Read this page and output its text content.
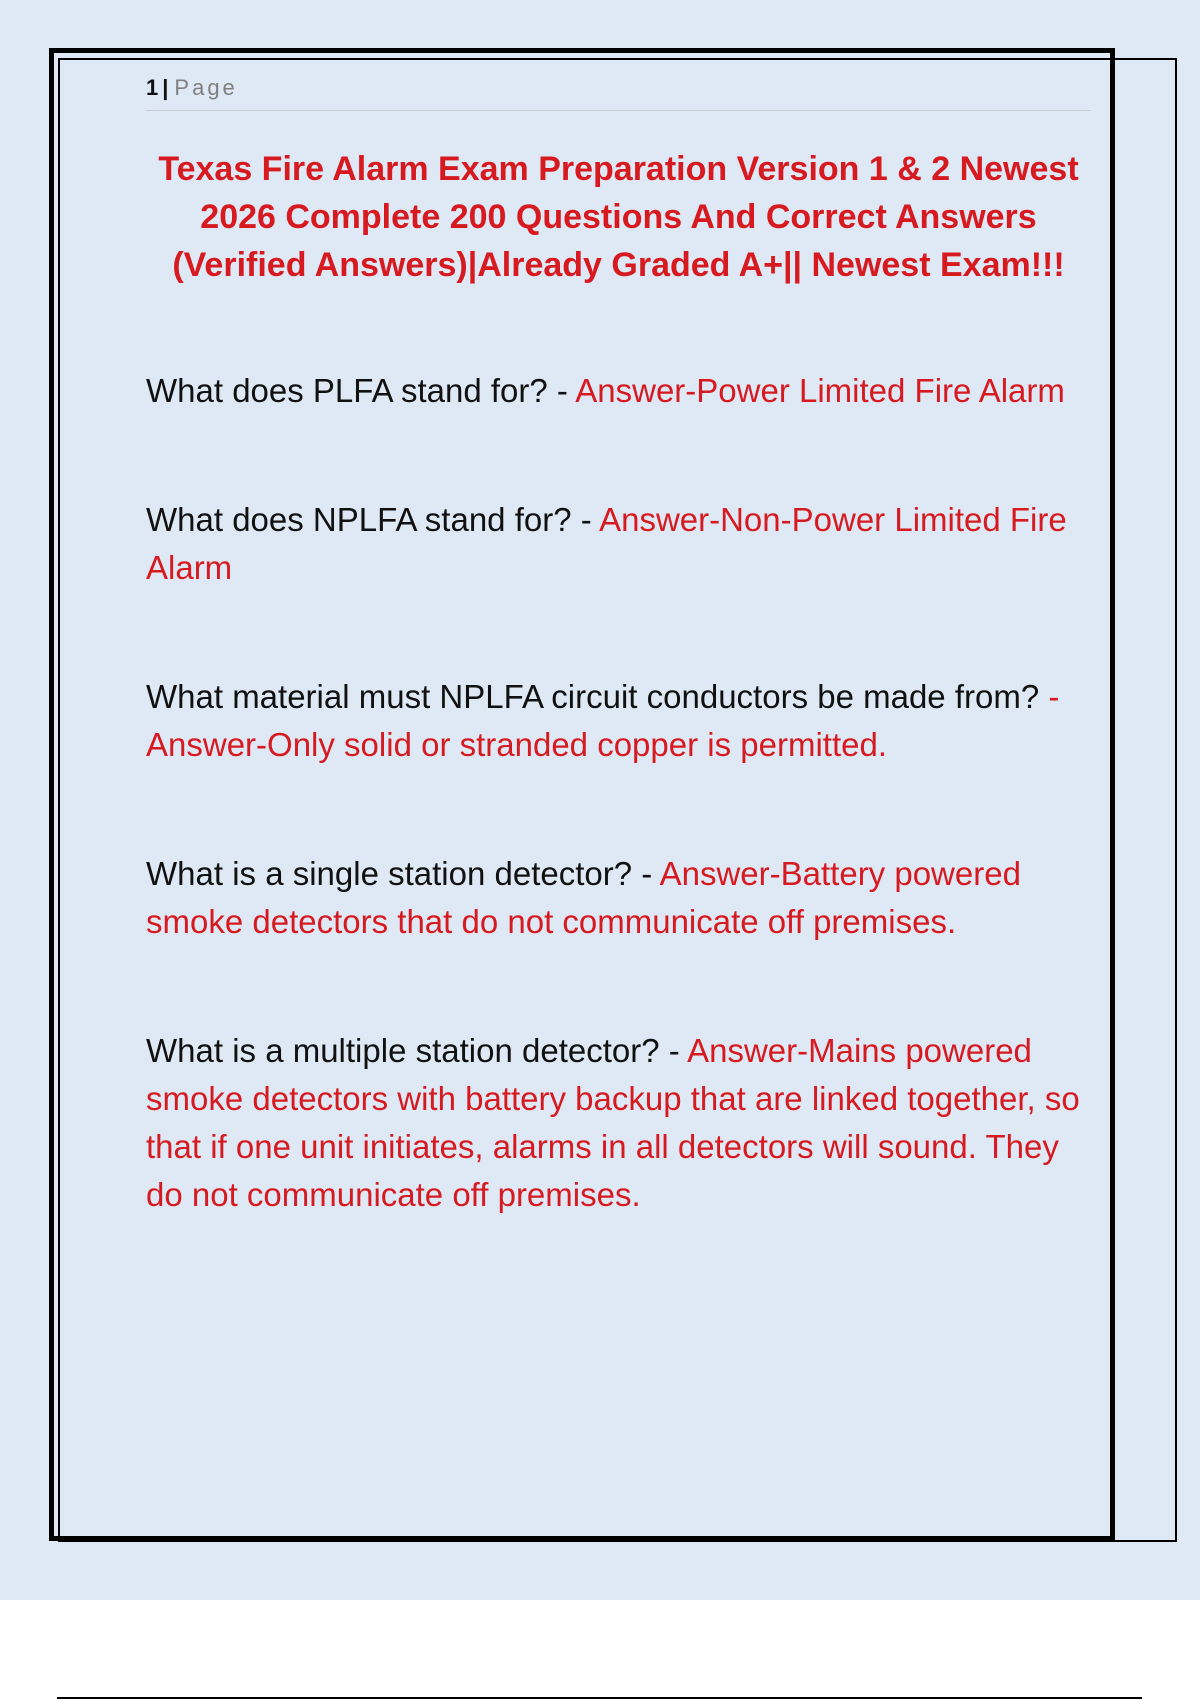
1 | Page
Texas Fire Alarm Exam Preparation Version 1 & 2 Newest 2026 Complete 200 Questions And Correct Answers (Verified Answers)|Already Graded A+|| Newest Exam!!!

What does PLFA stand for? - Answer-Power Limited Fire Alarm

What does NPLFA stand for? - Answer-Non-Power Limited Fire Alarm

What material must NPLFA circuit conductors be made from? - Answer-Only solid or stranded copper is permitted.

What is a single station detector? - Answer-Battery powered smoke detectors that do not communicate off premises.

What is a multiple station detector? - Answer-Mains powered smoke detectors with battery backup that are linked together, so that if one unit initiates, alarms in all detectors will sound. They do not communicate off premises.
